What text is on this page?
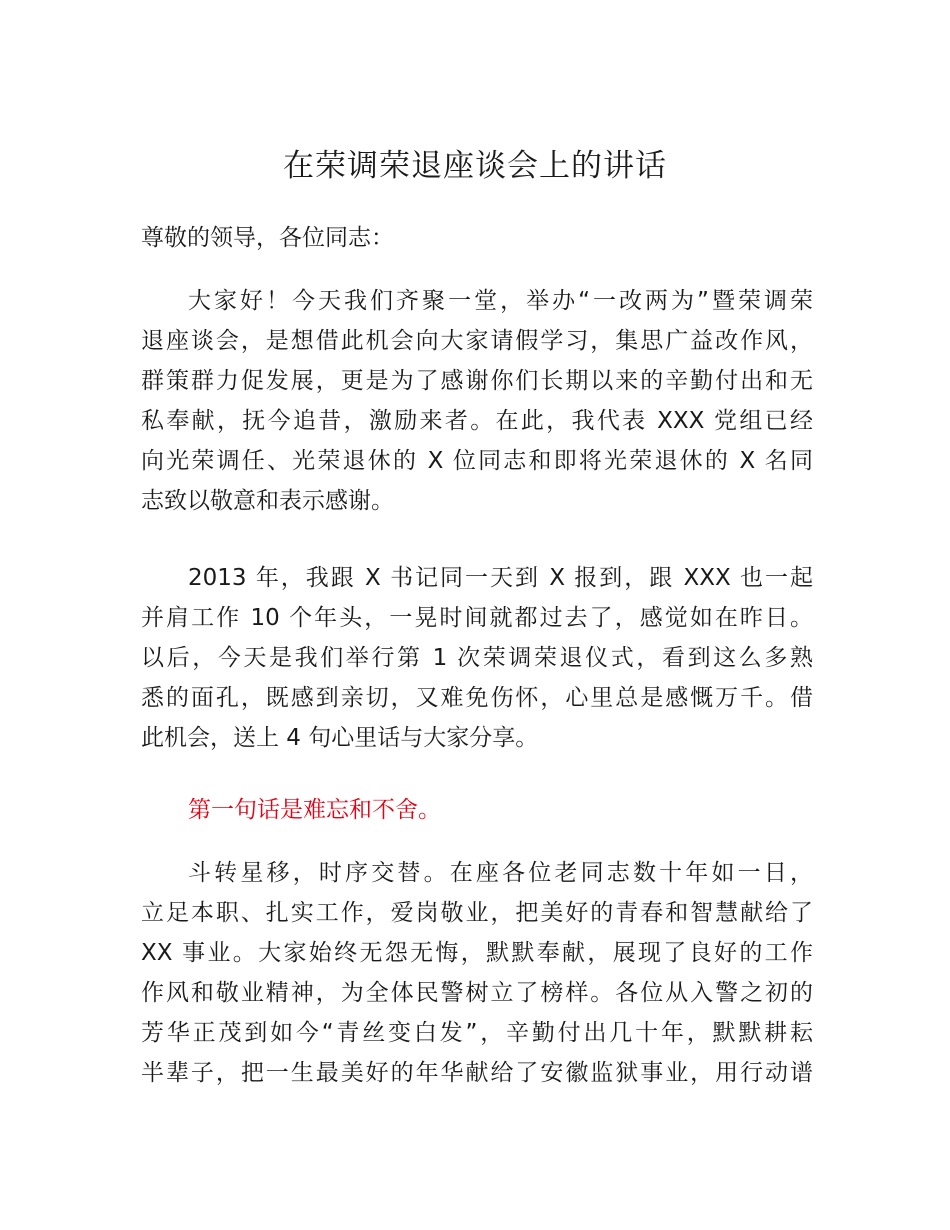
在荣调荣退座谈会上的讲话
尊敬的领导，各位同志：
大家好！今天我们齐聚一堂，举办“一改两为”暨荣调荣
退座谈会，是想借此机会向大家请假学习，集思广益改作风，
群策群力促发展，更是为了感谢你们长期以来的辛勤付出和无
私奉献，抚今追昔，激励来者。在此，我代表 XXX 党组已经
向光荣调任、光荣退休的 X 位同志和即将光荣退休的 X 名同
志致以敬意和表示感谢。
2013 年，我跟 X 书记同一天到 X 报到，跟 XXX 也一起
并肩工作 10 个年头，一晃时间就都过去了，感觉如在昨日。
以后，今天是我们举行第 1 次荣调荣退仪式，看到这么多熟
悉的面孔，既感到亲切，又难免伤怀，心里总是感慨万千。借
此机会，送上 4 句心里话与大家分享。
第一句话是难忘和不舍。
斗转星移，时序交替。在座各位老同志数十年如一日，
立足本职、扎实工作，爱岗敬业，把美好的青春和智慧献给了
XX 事业。大家始终无怨无悔，默默奉献，展现了良好的工作
作风和敬业精神，为全体民警树立了榜样。各位从入警之初的
芳华正茂到如今“青丝变白发”，辛勤付出几十年，默默耕耘
半辈子，把一生最美好的年华献给了安徽监狱事业，用行动谱
